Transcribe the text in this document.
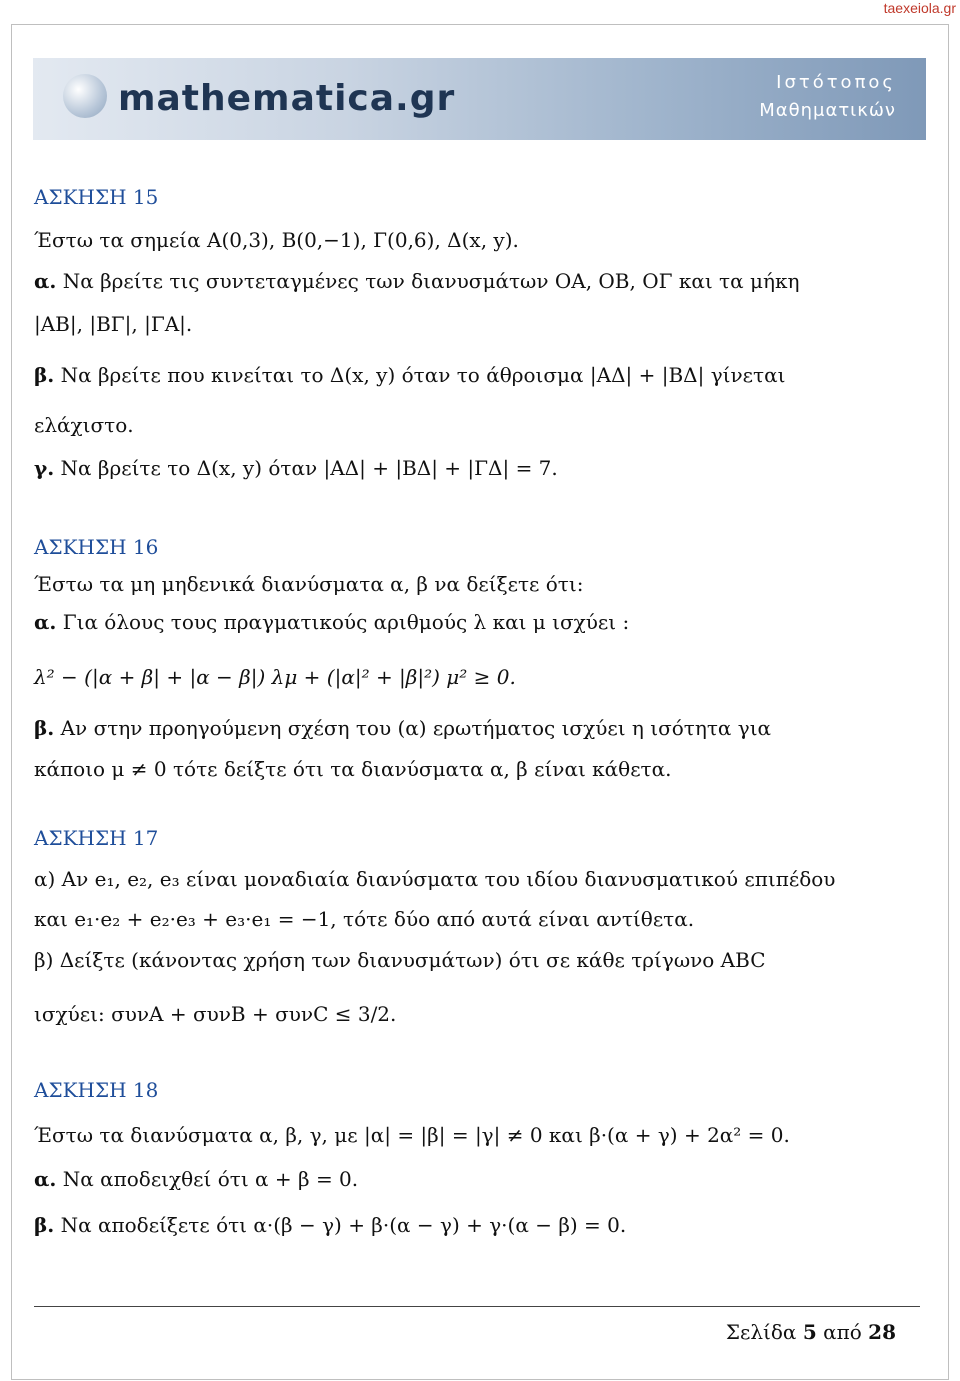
taexeiola.gr
mathematica.gr	Ιστότοπος
Μαθηματικών
ΑΣΚΗΣΗ 15
Έστω τα σημεία Α(0,3), Β(0,−1), Γ(0,6), Δ(x, y).
α. Να βρείτε τις συντεταγμένες των διανυσμάτων ΟΑ, ΟΒ, ΟΓ και τα μήκη
|ΑΒ|, |ΒΓ|, |ΓΑ|.
β. Να βρείτε που κινείται το Δ(x, y) όταν το άθροισμα |ΑΔ| + |ΒΔ| γίνεται
ελάχιστο.
γ. Να βρείτε το Δ(x, y) όταν |ΑΔ| + |ΒΔ| + |ΓΔ| = 7.
ΑΣΚΗΣΗ 16
Έστω τα μη μηδενικά διανύσματα α, β να δείξετε ότι:
α. Για όλους τους πραγματικούς αριθμούς λ και μ ισχύει :
λ² − (|α + β| + |α − β|) λμ + (|α|² + |β|²) μ² ≥ 0.
β. Αν στην προηγούμενη σχέση του (α) ερωτήματος ισχύει η ισότητα για
κάποιο μ ≠ 0 τότε δείξτε ότι τα διανύσματα α, β είναι κάθετα.
ΑΣΚΗΣΗ 17
α) Αν e₁, e₂, e₃ είναι μοναδιαία διανύσματα του ιδίου διανυσματικού επιπέδου
και e₁·e₂ + e₂·e₃ + e₃·e₁ = −1, τότε δύο από αυτά είναι αντίθετα.
β) Δείξτε (κάνοντας χρήση των διανυσμάτων) ότι σε κάθε τρίγωνο ABC
ισχύει: συνA + συνB + συνC ≤ 3/2.
ΑΣΚΗΣΗ 18
Έστω τα διανύσματα α, β, γ, με |α| = |β| = |γ| ≠ 0 και β·(α + γ) + 2α² = 0.
α. Να αποδειχθεί ότι α + β = 0.
β. Να αποδείξετε ότι α·(β − γ) + β·(α − γ) + γ·(α − β) = 0.
Σελίδα 5 από 28
